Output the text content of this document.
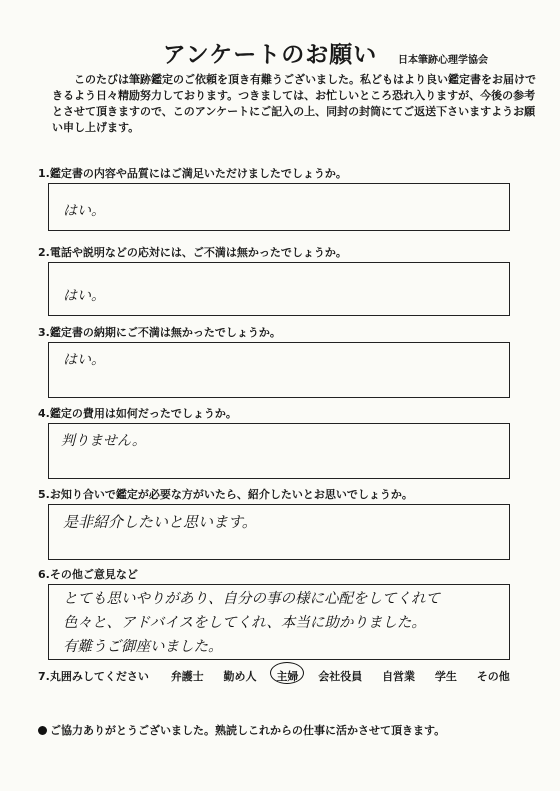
アンケートのお願い	日本筆跡心理学協会
このたびは筆跡鑑定のご依頼を頂き有難うございました。私どもはより良い鑑定書をお届けできるよう日々精励努力しております。つきましては、お忙しいところ恐れ入りますが、今後の参考とさせて頂きますので、このアンケートにご記入の上、同封の封筒にてご返送下さいますようお願い申し上げます。
1.鑑定書の内容や品質にはご満足いただけましたでしょうか。
はい。
2.電話や説明などの応対には、ご不満は無かったでしょうか。
はい。
3.鑑定書の納期にご不満は無かったでしょうか。
はい。
4.鑑定の費用は如何だったでしょうか。
判りません。
5.お知り合いで鑑定が必要な方がいたら、紹介したいとお思いでしょうか。
是非紹介したいと思います。
6.その他ご意見など
とても思いやりがあり、自分の事の様に心配をしてくれて
色々と、アドバイスをしてくれ、本当に助かりました。
有難うご御座いました。
7.丸囲みしてください 弁護士 勤め人 主婦 会社役員 自営業 学生 その他
ご協力ありがとうございました。熟読しこれからの仕事に活かさせて頂きます。
